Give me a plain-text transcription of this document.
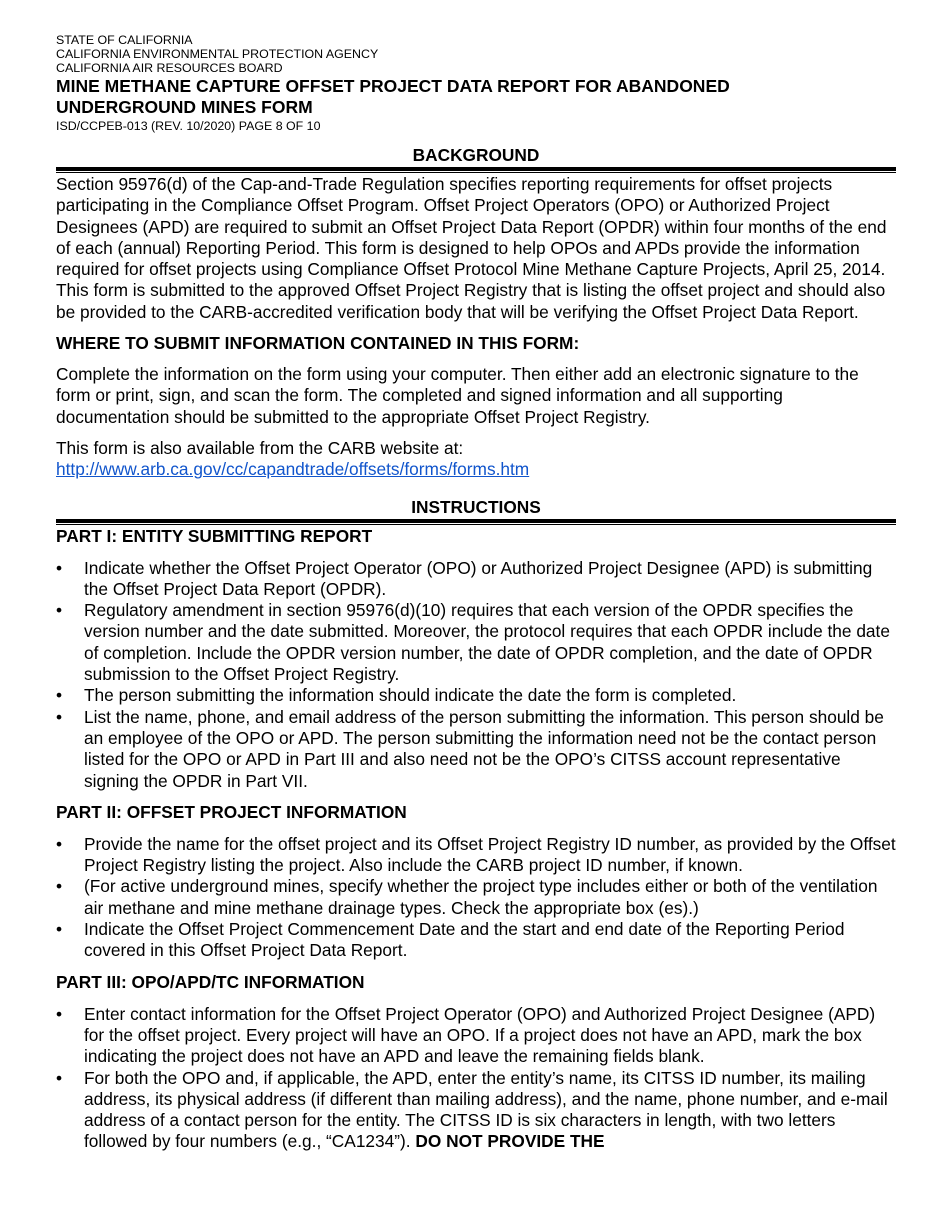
STATE OF CALIFORNIA
CALIFORNIA ENVIRONMENTAL PROTECTION AGENCY
CALIFORNIA AIR RESOURCES BOARD
MINE METHANE CAPTURE OFFSET PROJECT DATA REPORT FOR ABANDONED
UNDERGROUND MINES FORM
ISD/CCPEB-013 (REV. 10/2020) PAGE 8 OF 10
BACKGROUND
Section 95976(d) of the Cap-and-Trade Regulation specifies reporting requirements for offset projects participating in the Compliance Offset Program. Offset Project Operators (OPO) or Authorized Project Designees (APD) are required to submit an Offset Project Data Report (OPDR) within four months of the end of each (annual) Reporting Period. This form is designed to help OPOs and APDs provide the information required for offset projects using Compliance Offset Protocol Mine Methane Capture Projects, April 25, 2014. This form is submitted to the approved Offset Project Registry that is listing the offset project and should also be provided to the CARB-accredited verification body that will be verifying the Offset Project Data Report.
WHERE TO SUBMIT INFORMATION CONTAINED IN THIS FORM:
Complete the information on the form using your computer. Then either add an electronic signature to the form or print, sign, and scan the form. The completed and signed information and all supporting documentation should be submitted to the appropriate Offset Project Registry.
This form is also available from the CARB website at:
http://www.arb.ca.gov/cc/capandtrade/offsets/forms/forms.htm
INSTRUCTIONS
PART I: ENTITY SUBMITTING REPORT
•	Indicate whether the Offset Project Operator (OPO) or Authorized Project Designee (APD) is submitting the Offset Project Data Report (OPDR).
•	Regulatory amendment in section 95976(d)(10) requires that each version of the OPDR specifies the version number and the date submitted. Moreover, the protocol requires that each OPDR include the date of completion. Include the OPDR version number, the date of OPDR completion, and the date of OPDR submission to the Offset Project Registry.
•	The person submitting the information should indicate the date the form is completed.
•	List the name, phone, and email address of the person submitting the information. This person should be an employee of the OPO or APD. The person submitting the information need not be the contact person listed for the OPO or APD in Part III and also need not be the OPO’s CITSS account representative signing the OPDR in Part VII.
PART II: OFFSET PROJECT INFORMATION
•	Provide the name for the offset project and its Offset Project Registry ID number, as provided by the Offset Project Registry listing the project. Also include the CARB project ID number, if known.
•	(For active underground mines, specify whether the project type includes either or both of the ventilation air methane and mine methane drainage types. Check the appropriate box (es).)
•	Indicate the Offset Project Commencement Date and the start and end date of the Reporting Period covered in this Offset Project Data Report.
PART III: OPO/APD/TC INFORMATION
•	Enter contact information for the Offset Project Operator (OPO) and Authorized Project Designee (APD) for the offset project. Every project will have an OPO. If a project does not have an APD, mark the box indicating the project does not have an APD and leave the remaining fields blank.
•	For both the OPO and, if applicable, the APD, enter the entity’s name, its CITSS ID number, its mailing address, its physical address (if different than mailing address), and the name, phone number, and e-mail address of a contact person for the entity. The CITSS ID is six characters in length, with two letters followed by four numbers (e.g., “CA1234”). DO NOT PROVIDE THE
